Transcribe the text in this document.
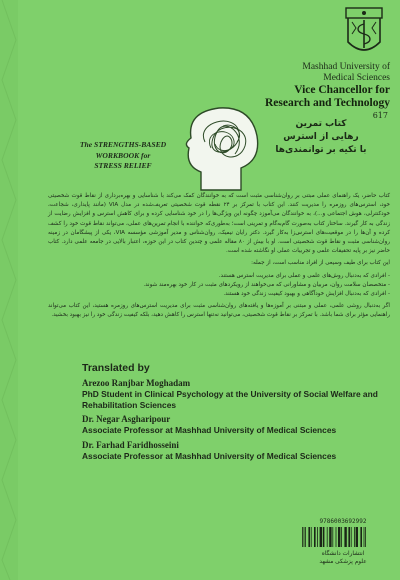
Mashhad University of
Medical Sciences
Vice Chancellor for
Research and Technology
617
The STRENGTHS-BASED
WORKBOOK for
STRESS RELIEF
کتاب تمرین
رهایی از استرس
با تکیه بر توانمندی‌ها

کتاب حاضر، یک راهنمای عملی مبتنی بر روان‌شناسی مثبت است که به خوانندگان کمک می‌کند با شناسایی و بهره‌برداری از نقاط قوت شخصیتی خود، استرس‌های روزمره را مدیریت کنند. این کتاب با تمرکز بر ۲۴ نقطه قوت شخصیتی تعریف‌شده در مدل VIA (مانند پایداری، شجاعت، خودکنترلی، هوش اجتماعی و...)، به خوانندگان می‌آموزد چگونه این ویژگی‌ها را در خود شناسایی کرده و برای کاهش استرس و افزایش رضایت از زندگی به کار گیرند. ساختار کتاب به‌صورت گام‌به‌گام و تمرینی است؛ به‌طوری‌که خواننده با انجام تمرین‌های عملی، می‌تواند نقاط قوت خود را کشف کرده و آن‌ها را در موقعیت‌های استرس‌زا به‌کار گیرد. دکتر رایان نیمیک، روان‌شناس و مدیر آموزشی مؤسسه VIA، یکی از پیشگامان در زمینه روان‌شناسی مثبت و نقاط قوت شخصیتی است. او با بیش از ۸۰ مقاله علمی و چندین کتاب در این حوزه، اعتبار بالایی در جامعه علمی دارد. کتاب حاضر نیز بر پایه تحقیقات علمی و تجربیات عملی او نگاشته شده است.

این کتاب برای طیف وسیعی از افراد مناسب است، از جمله:

- افرادی که به‌دنبال روش‌های علمی و عملی برای مدیریت استرس هستند.
- متخصصان سلامت روان، مربیان و مشاورانی که می‌خواهند از رویکردهای مثبت در کار خود بهره‌مند شوند.

- افرادی که به‌دنبال افزایش خودآگاهی و بهبود کیفیت زندگی خود هستند.

اگر به‌دنبال روشی علمی، عملی و مبتنی بر آموزه‌ها و یافته‌های روان‌شناسی مثبت برای مدیریت استرس‌های روزمره هستید، این کتاب می‌تواند راهنمایی مؤثر برای شما باشد. با تمرکز بر نقاط قوت شخصیتی، می‌توانید نه‌تنها استرس را کاهش دهید، بلکه کیفیت زندگی خود را نیز بهبود بخشید.

Translated by
Arezoo Ranjbar Moghadam
PhD Student in Clinical Psychology at the University of Social Welfare and
Rehabilitation Sciences
Dr. Negar Asgharipour
Associate Professor at Mashhad University of Medical Sciences
Dr. Farhad Faridhosseini
Associate Professor at Mashhad University of Medical Sciences
9786003692992
انتشارات دانشگاه
علوم پزشکی مشهد
